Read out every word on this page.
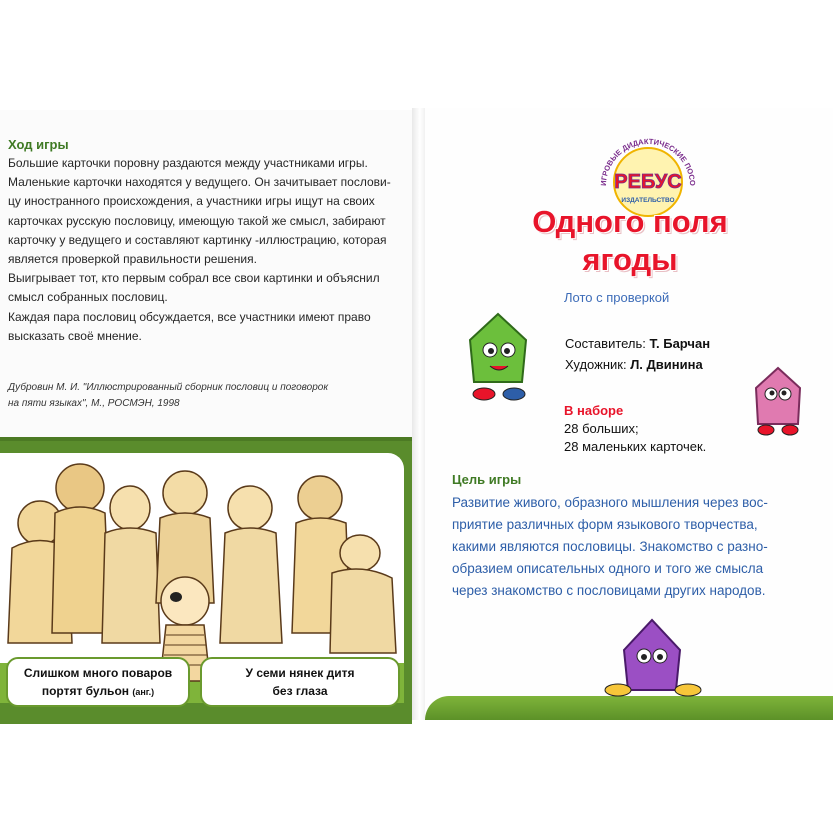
Ход игры

Большие карточки поровну раздаются между участниками игры.

Маленькие карточки находятся у ведущего. Он зачитывает послови-

цу иностранного происхождения, а участники игры ищут на своих

карточках русскую пословицу, имеющую такой же смысл, забирают

карточку у ведущего и составляют картинку -иллюстрацию, которая

является проверкой правильности решения.

Выигрывает тот, кто первым собрал все свои картинки и объяснил

смысл собранных пословиц.

Каждая пара пословиц обсуждается, все участники имеют право

высказать своё мнение.

Дубровин М. И. "Иллюстрированный сборник пословиц и поговорок
на пяти языках", М., РОСМЭН, 1998
Слишком много поваров
портят бульон (анг.)
У семи нянек дитя
без глаза
ИГРОВЫЕ ДИДАКТИЧЕСКИЕ ПОСО
РЕБУС
ИЗДАТЕЛЬСТВО
Одного поля
ягоды
Лото с проверкой
Составитель: Т. Барчан
Художник: Л. Двинина
В наборе
28 больших;
28 маленьких карточек.
Цель игры

Развитие живого, образного мышления через вос-

приятие различных форм языкового творчества,

какими являются пословицы. Знакомство с разно-

образием описательных одного и того же смысла

через знакомство с пословицами других народов.
